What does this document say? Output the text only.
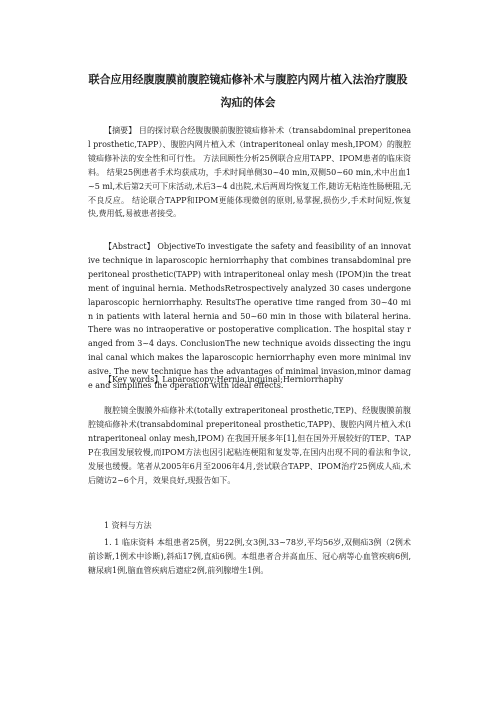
联合应用经腹腹膜前腹腔镜疝修补术与腹腔内网片植入法治疗腹股
沟疝的体会
【摘要】 目的探讨联合经腹腹膜前腹腔镜疝修补术（transabdominal preperitoneal prosthetic,TAPP）、腹腔内网片植入术（intraperitoneal onlay mesh,IPOM）的腹腔镜疝修补法的安全性和可行性。 方法回顾性分析25例联合应用TAPP、IPOM患者的临床资料。 结果25例患者手术均获成功，手术时间单侧30~40 min,双侧50~60 min,术中出血1~5 ml,术后第2天可下床活动,术后3~4 d出院,术后两周均恢复工作,随访无粘连性肠梗阻,无不良反应。 结论联合TAPP和IPOM更能体现微创的原则,易掌握,损伤少,手术时间短,恢复快,费用低,易被患者接受。
【Abstract】 ObjectiveTo investigate the safety and feasibility of an innovative technique in laparoscopic herniorrhaphy that combines transabdominal preperitoneal prosthetic(TAPP) with intraperitoneal onlay mesh (IPOM)in the treatment of inguinal hernia. MethodsRetrospectively analyzed 30 cases undergone laparoscopic herniorrhaphy. ResultsThe operative time ranged from 30~40 min in patients with lateral hernia and 50~60 min in those with bilateral herina. There was no intraoperative or postoperative complication. The hospital stay ranged from 3~4 days. ConclusionThe new technique avoids dissecting the inguinal canal which makes the laparoscopic herniorrhaphy even more minimal invasive. The new technique has the advantages of minimal invasion,minor damage and simplifies the operation with ideal effects.
【Key words】Laparoscopy;Hernia,inguinal;Herniorrhaphy
腹腔镜全腹膜外疝修补术(totally extraperitoneal prosthetic,TEP)、经腹腹膜前腹腔镜疝修补术(transabdominal preperitoneal prosthetic,TAPP)、腹腔内网片植入术(intraperitoneal onlay mesh,IPOM) 在我国开展多年[1],但在国外开展较好的TEP、TAPP在我国发展较慢,而IPOM方法也因引起粘连梗阻和复发等,在国内出现不同的看法和争议,发展也缓慢。笔者从2005年6月至2006年4月,尝试联合TAPP、IPOM治疗25例成人疝,术后随访2~6个月，效果良好,现报告如下。
1 资料与方法
1. 1 临床资料 本组患者25例，男22例,女3例,33~78岁,平均56岁,双侧疝3例（2例术前诊断,1例术中诊断),斜疝17例,直疝6例。本组患者合并高血压、冠心病等心血管疾病6例,糖尿病1例,脑血管疾病后遗症2例,前列腺增生1例。
